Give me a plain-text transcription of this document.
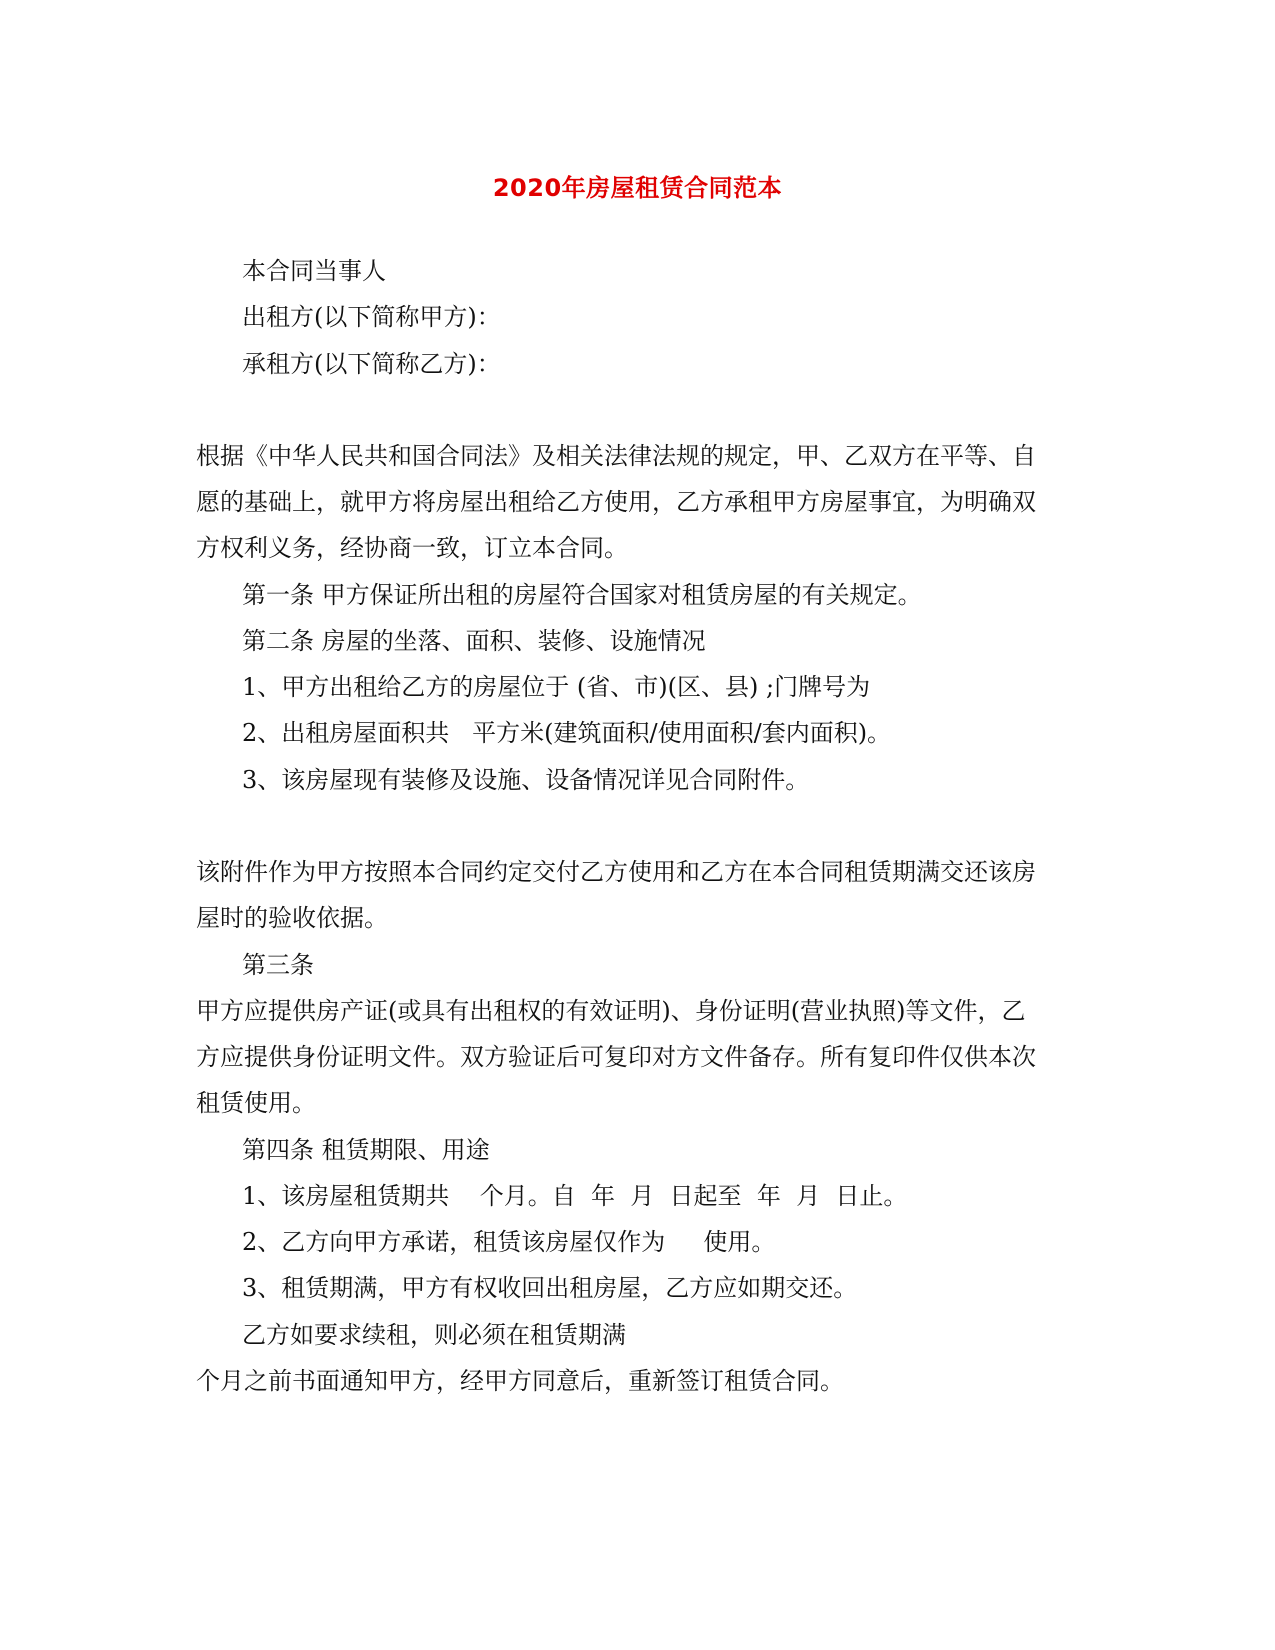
2020年房屋租赁合同范本
本合同当事人
出租方(以下简称甲方)：
承租方(以下简称乙方)：
根据《中华人民共和国合同法》及相关法律法规的规定，甲、乙双方在平等、自
愿的基础上，就甲方将房屋出租给乙方使用，乙方承租甲方房屋事宜，为明确双
方权利义务，经协商一致，订立本合同。
第一条 甲方保证所出租的房屋符合国家对租赁房屋的有关规定。
第二条 房屋的坐落、面积、装修、设施情况
1、甲方出租给乙方的房屋位于 (省、市)(区、县) ;门牌号为
2、出租房屋面积共   平方米(建筑面积/使用面积/套内面积)。
3、该房屋现有装修及设施、设备情况详见合同附件。
该附件作为甲方按照本合同约定交付乙方使用和乙方在本合同租赁期满交还该房
屋时的验收依据。
第三条
甲方应提供房产证(或具有出租权的有效证明)、身份证明(营业执照)等文件，乙
方应提供身份证明文件。双方验证后可复印对方文件备存。所有复印件仅供本次
租赁使用。
第四条 租赁期限、用途
1、该房屋租赁期共    个月。自  年  月  日起至  年  月  日止。
2、乙方向甲方承诺，租赁该房屋仅作为     使用。
3、租赁期满，甲方有权收回出租房屋，乙方应如期交还。
乙方如要求续租，则必须在租赁期满
个月之前书面通知甲方，经甲方同意后，重新签订租赁合同。
